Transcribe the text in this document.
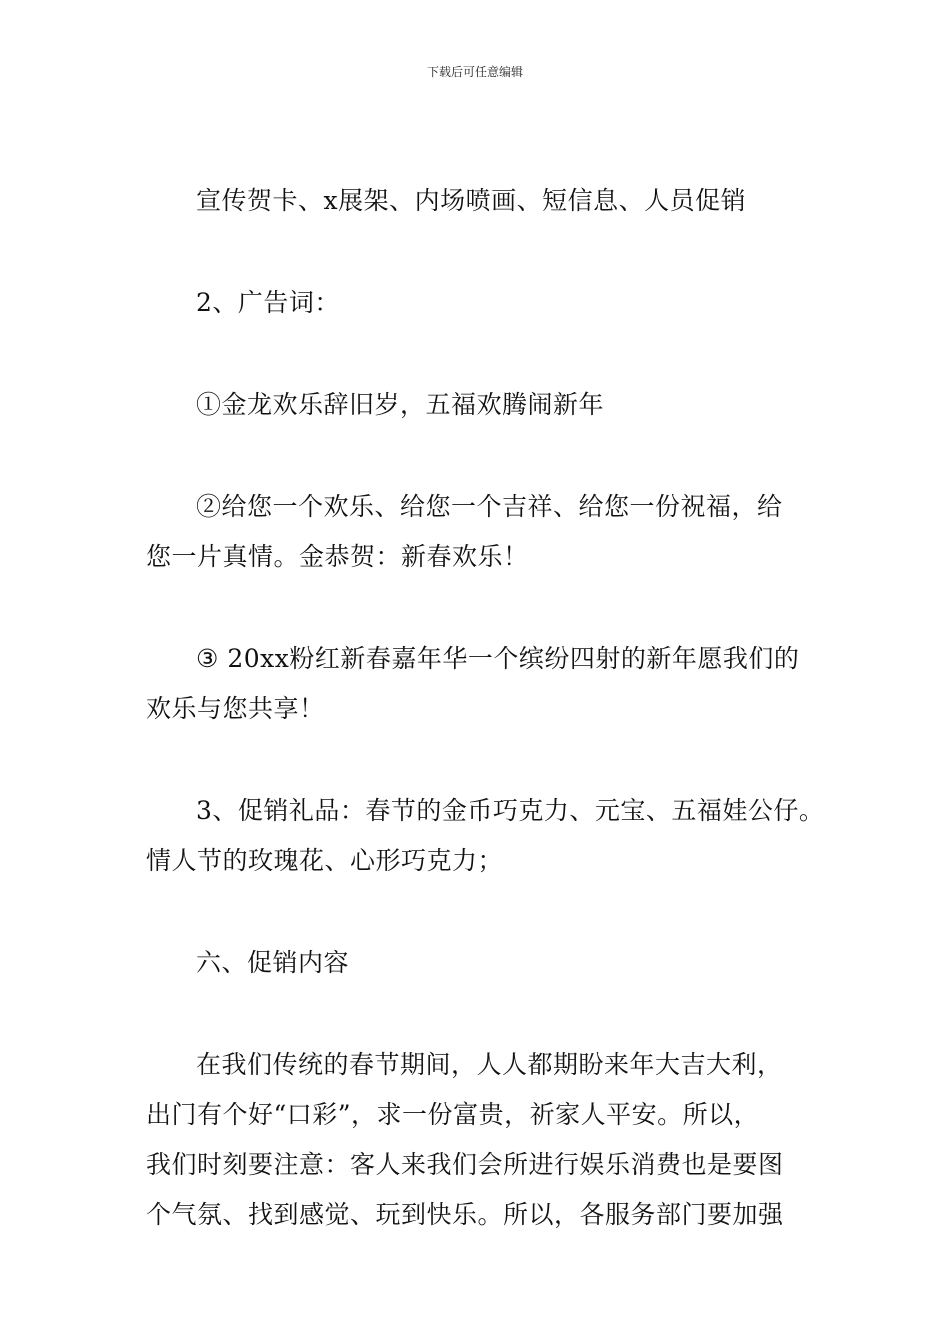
下载后可任意编辑

宣传贺卡、x展架、内场喷画、短信息、人员促销

2、广告词：

①金龙欢乐辞旧岁，五福欢腾闹新年

②给您一个欢乐、给您一个吉祥、给您一份祝福，给
您一片真情。金恭贺：新春欢乐！

③ 20xx粉红新春嘉年华一个缤纷四射的新年愿我们的
欢乐与您共享！

3、促销礼品：春节的金币巧克力、元宝、五福娃公仔。
情人节的玫瑰花、心形巧克力；

六、促销内容

在我们传统的春节期间，人人都期盼来年大吉大利，
出门有个好“口彩”，求一份富贵，祈家人平安。所以，
我们时刻要注意：客人来我们会所进行娱乐消费也是要图
个气氛、找到感觉、玩到快乐。所以，各服务部门要加强
